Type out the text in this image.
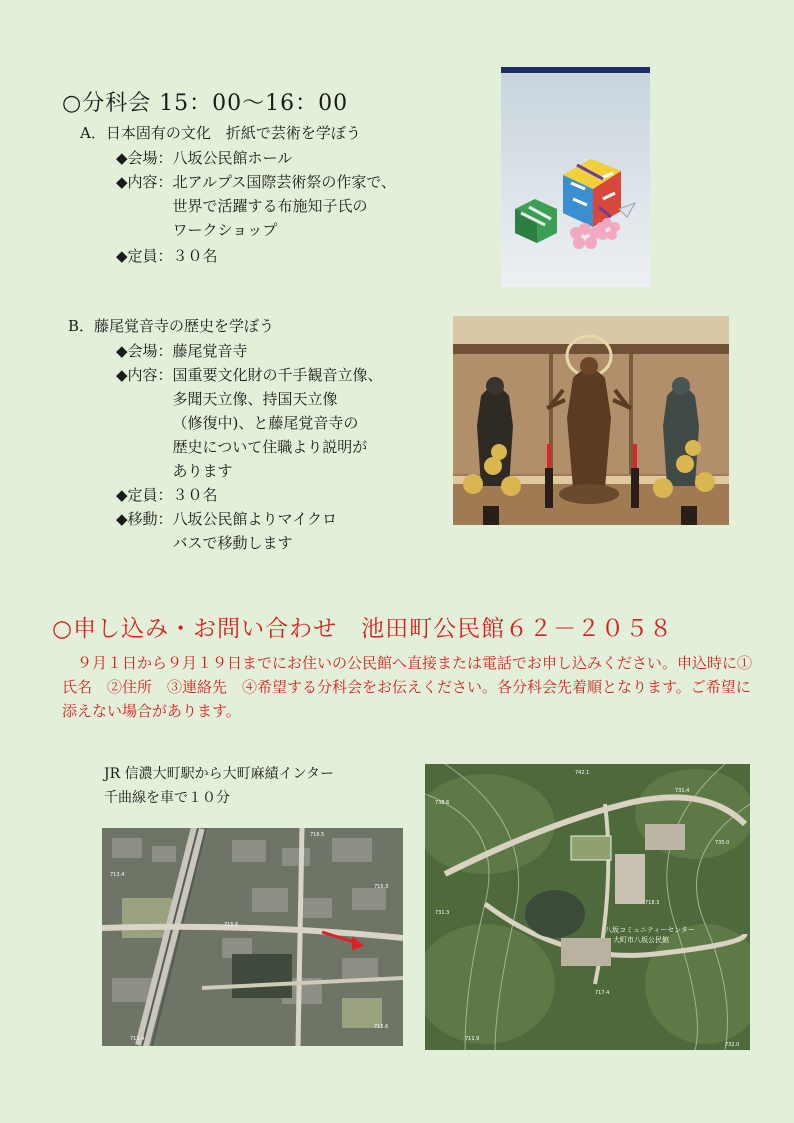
○分科会 15：00〜16：00
A．日本固有の文化　折紙で芸術を学ぼう
◆会場： 八坂公民館ホール
◆内容： 北アルプス国際芸術祭の作家で、
世界で活躍する布施知子氏の
ワークショップ
◆定員： ３０名
B．藤尾覚音寺の歴史を学ぼう
◆会場： 藤尾覚音寺
◆内容： 国重要文化財の千手観音立像、
多聞天立像、持国天立像
（修復中)、と藤尾覚音寺の
歴史について住職より説明が
あります
◆定員： ３０名
◆移動： 八坂公民館よりマイクロ
バスで移動します
○申し込み・お問い合わせ　池田町公民館６２－２０５８
９月１日から９月１９日までにお住いの公民館へ直接または電話でお申し込みください。申込時に①氏名　②住所　③連絡先　④希望する分科会をお伝えください。各分科会先着順となります。ご希望に添えない場合があります。
JR 信濃大町駅から大町麻績インター
千曲線を車で１０分
716.5
713.4
715.6
715.3
711.4
715.6
八坂コミュニティーセンター
大町市八坂公民館
742.1
738.6
731.4
735.0
731.3
718.3
717.4
711.9
732.0
